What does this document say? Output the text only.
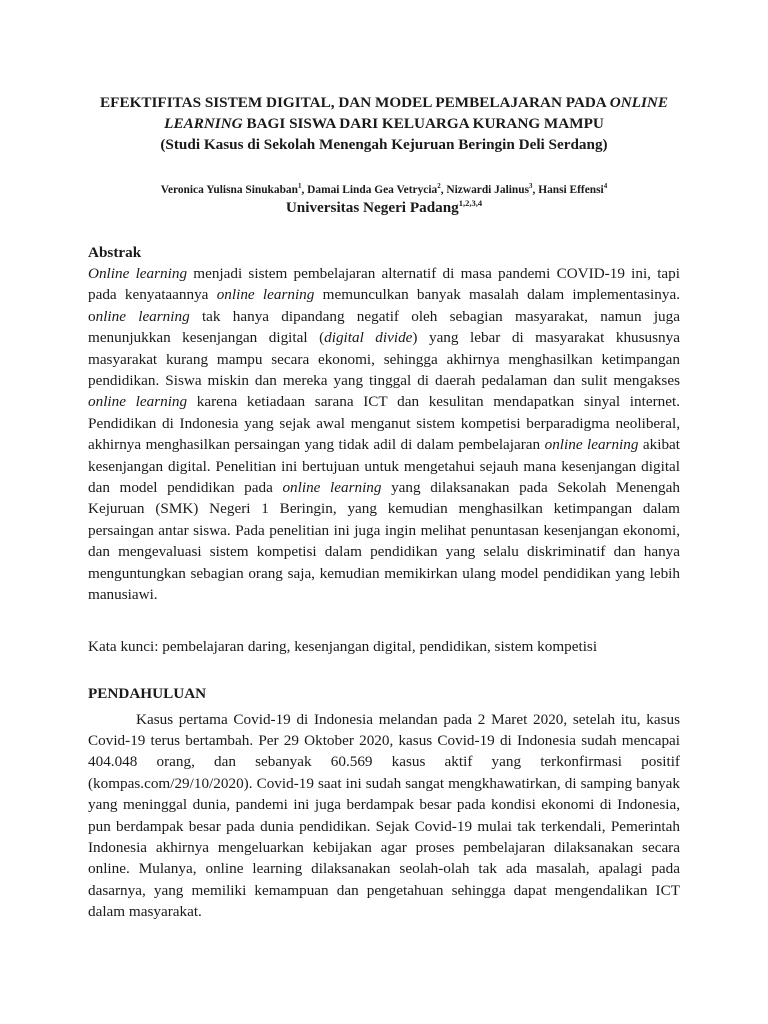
EFEKTIFITAS SISTEM DIGITAL, DAN MODEL PEMBELAJARAN PADA ONLINE
LEARNING BAGI SISWA DARI KELUARGA KURANG MAMPU
(Studi Kasus di Sekolah Menengah Kejuruan Beringin Deli Serdang)
Veronica Yulisna Sinukaban$^1$, Damai Linda Gea Vetrycia$^2$, Nizwardi Jalinus$^3$, Hansi Effensi$^4$
Universitas Negeri Padang$^{1,2,3,4}$
Abstrak

Online learning menjadi sistem pembelajaran alternatif di masa pandemi COVID-19 ini, tapi pada kenyataannya online learning memunculkan banyak masalah dalam implementasinya. online learning tak hanya dipandang negatif oleh sebagian masyarakat, namun juga menunjukkan kesenjangan digital (digital divide) yang lebar di masyarakat khususnya masyarakat kurang mampu secara ekonomi, sehingga akhirnya menghasilkan ketimpangan pendidikan. Siswa miskin dan mereka yang tinggal di daerah pedalaman dan sulit mengakses online learning karena ketiadaan sarana ICT dan kesulitan mendapatkan sinyal internet. Pendidikan di Indonesia yang sejak awal menganut sistem kompetisi berparadigma neoliberal, akhirnya menghasilkan persaingan yang tidak adil di dalam pembelajaran online learning akibat kesenjangan digital. Penelitian ini bertujuan untuk mengetahui sejauh mana kesenjangan digital dan model pendidikan pada online learning yang dilaksanakan pada Sekolah Menengah Kejuruan (SMK) Negeri 1 Beringin, yang kemudian menghasilkan ketimpangan dalam persaingan antar siswa. Pada penelitian ini juga ingin melihat penuntasan kesenjangan ekonomi, dan mengevaluasi sistem kompetisi dalam pendidikan yang selalu diskriminatif dan hanya menguntungkan sebagian orang saja, kemudian memikirkan ulang model pendidikan yang lebih manusiawi.

Kata kunci: pembelajaran daring, kesenjangan digital, pendidikan, sistem kompetisi
PENDAHULUAN

Kasus pertama Covid-19 di Indonesia melandan pada 2 Maret 2020, setelah itu, kasus Covid-19 terus bertambah. Per 29 Oktober 2020, kasus Covid-19 di Indonesia sudah mencapai 404.048 orang, dan sebanyak 60.569 kasus aktif yang terkonfirmasi positif (kompas.com/29/10/2020). Covid-19 saat ini sudah sangat mengkhawatirkan, di samping banyak yang meninggal dunia, pandemi ini juga berdampak besar pada kondisi ekonomi di Indonesia, pun berdampak besar pada dunia pendidikan. Sejak Covid-19 mulai tak terkendali, Pemerintah Indonesia akhirnya mengeluarkan kebijakan agar proses pembelajaran dilaksanakan secara online. Mulanya, online learning dilaksanakan seolah-olah tak ada masalah, apalagi pada dasarnya, yang memiliki kemampuan dan pengetahuan sehingga dapat mengendalikan ICT dalam masyarakat.
